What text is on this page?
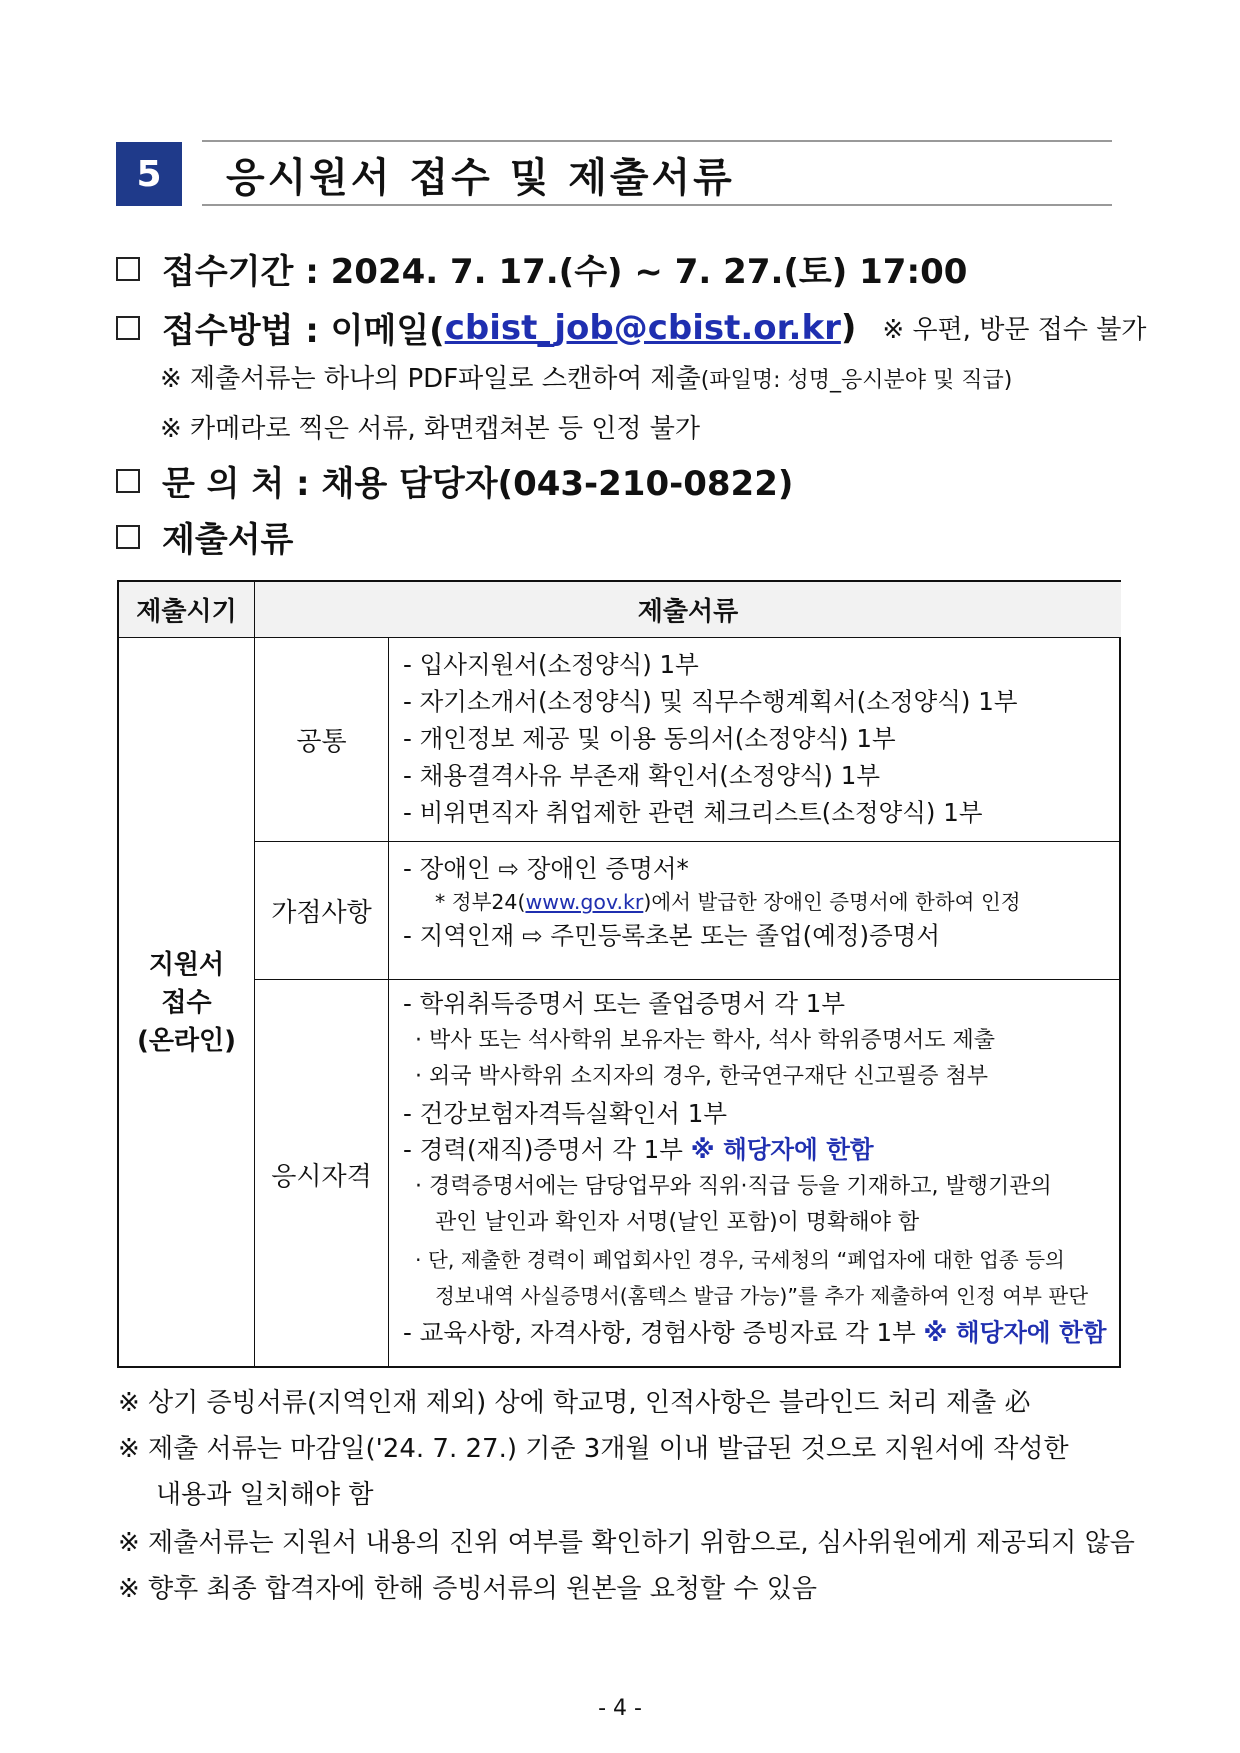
5	응시원서 접수 및 제출서류
접수기간 : 2024. 7. 17.(수) ~ 7. 27.(토) 17:00
접수방법 : 이메일( cbist_job@cbist.or.kr ) ※ 우편, 방문 접수 불가
※ 제출서류는 하나의 PDF파일로 스캔하여 제출(파일명: 성명_응시분야 및 직급)
※ 카메라로 찍은 서류, 화면캡쳐본 등 인정 불가
문 의 처 : 채용 담당자(043-210-0822)
제출서류
제출시기	제출서류
지원서
접수
(온라인)
공통
- 입사지원서(소정양식) 1부
- 자기소개서(소정양식) 및 직무수행계획서(소정양식) 1부
- 개인정보 제공 및 이용 동의서(소정양식) 1부
- 채용결격사유 부존재 확인서(소정양식) 1부
- 비위면직자 취업제한 관련 체크리스트(소정양식) 1부
가점사항
- 장애인 ⇨ 장애인 증명서*
* 정부24(www.gov.kr)에서 발급한 장애인 증명서에 한하여 인정
- 지역인재 ⇨ 주민등록초본 또는 졸업(예정)증명서
응시자격
- 학위취득증명서 또는 졸업증명서 각 1부
· 박사 또는 석사학위 보유자는 학사, 석사 학위증명서도 제출
· 외국 박사학위 소지자의 경우, 한국연구재단 신고필증 첨부
- 건강보험자격득실확인서 1부
- 경력(재직)증명서 각 1부 ※ 해당자에 한함
· 경력증명서에는 담당업무와 직위·직급 등을 기재하고, 발행기관의
관인 날인과 확인자 서명(날인 포함)이 명확해야 함
· 단, 제출한 경력이 폐업회사인 경우, 국세청의 “폐업자에 대한 업종 등의
정보내역 사실증명서(홈텍스 발급 가능)”를 추가 제출하여 인정 여부 판단
- 교육사항, 자격사항, 경험사항 증빙자료 각 1부 ※ 해당자에 한함
※ 상기 증빙서류(지역인재 제외) 상에 학교명, 인적사항은 블라인드 처리 제출 必
※ 제출 서류는 마감일('24. 7. 27.) 기준 3개월 이내 발급된 것으로 지원서에 작성한
내용과 일치해야 함
※ 제출서류는 지원서 내용의 진위 여부를 확인하기 위함으로, 심사위원에게 제공되지 않음
※ 향후 최종 합격자에 한해 증빙서류의 원본을 요청할 수 있음
- 4 -
